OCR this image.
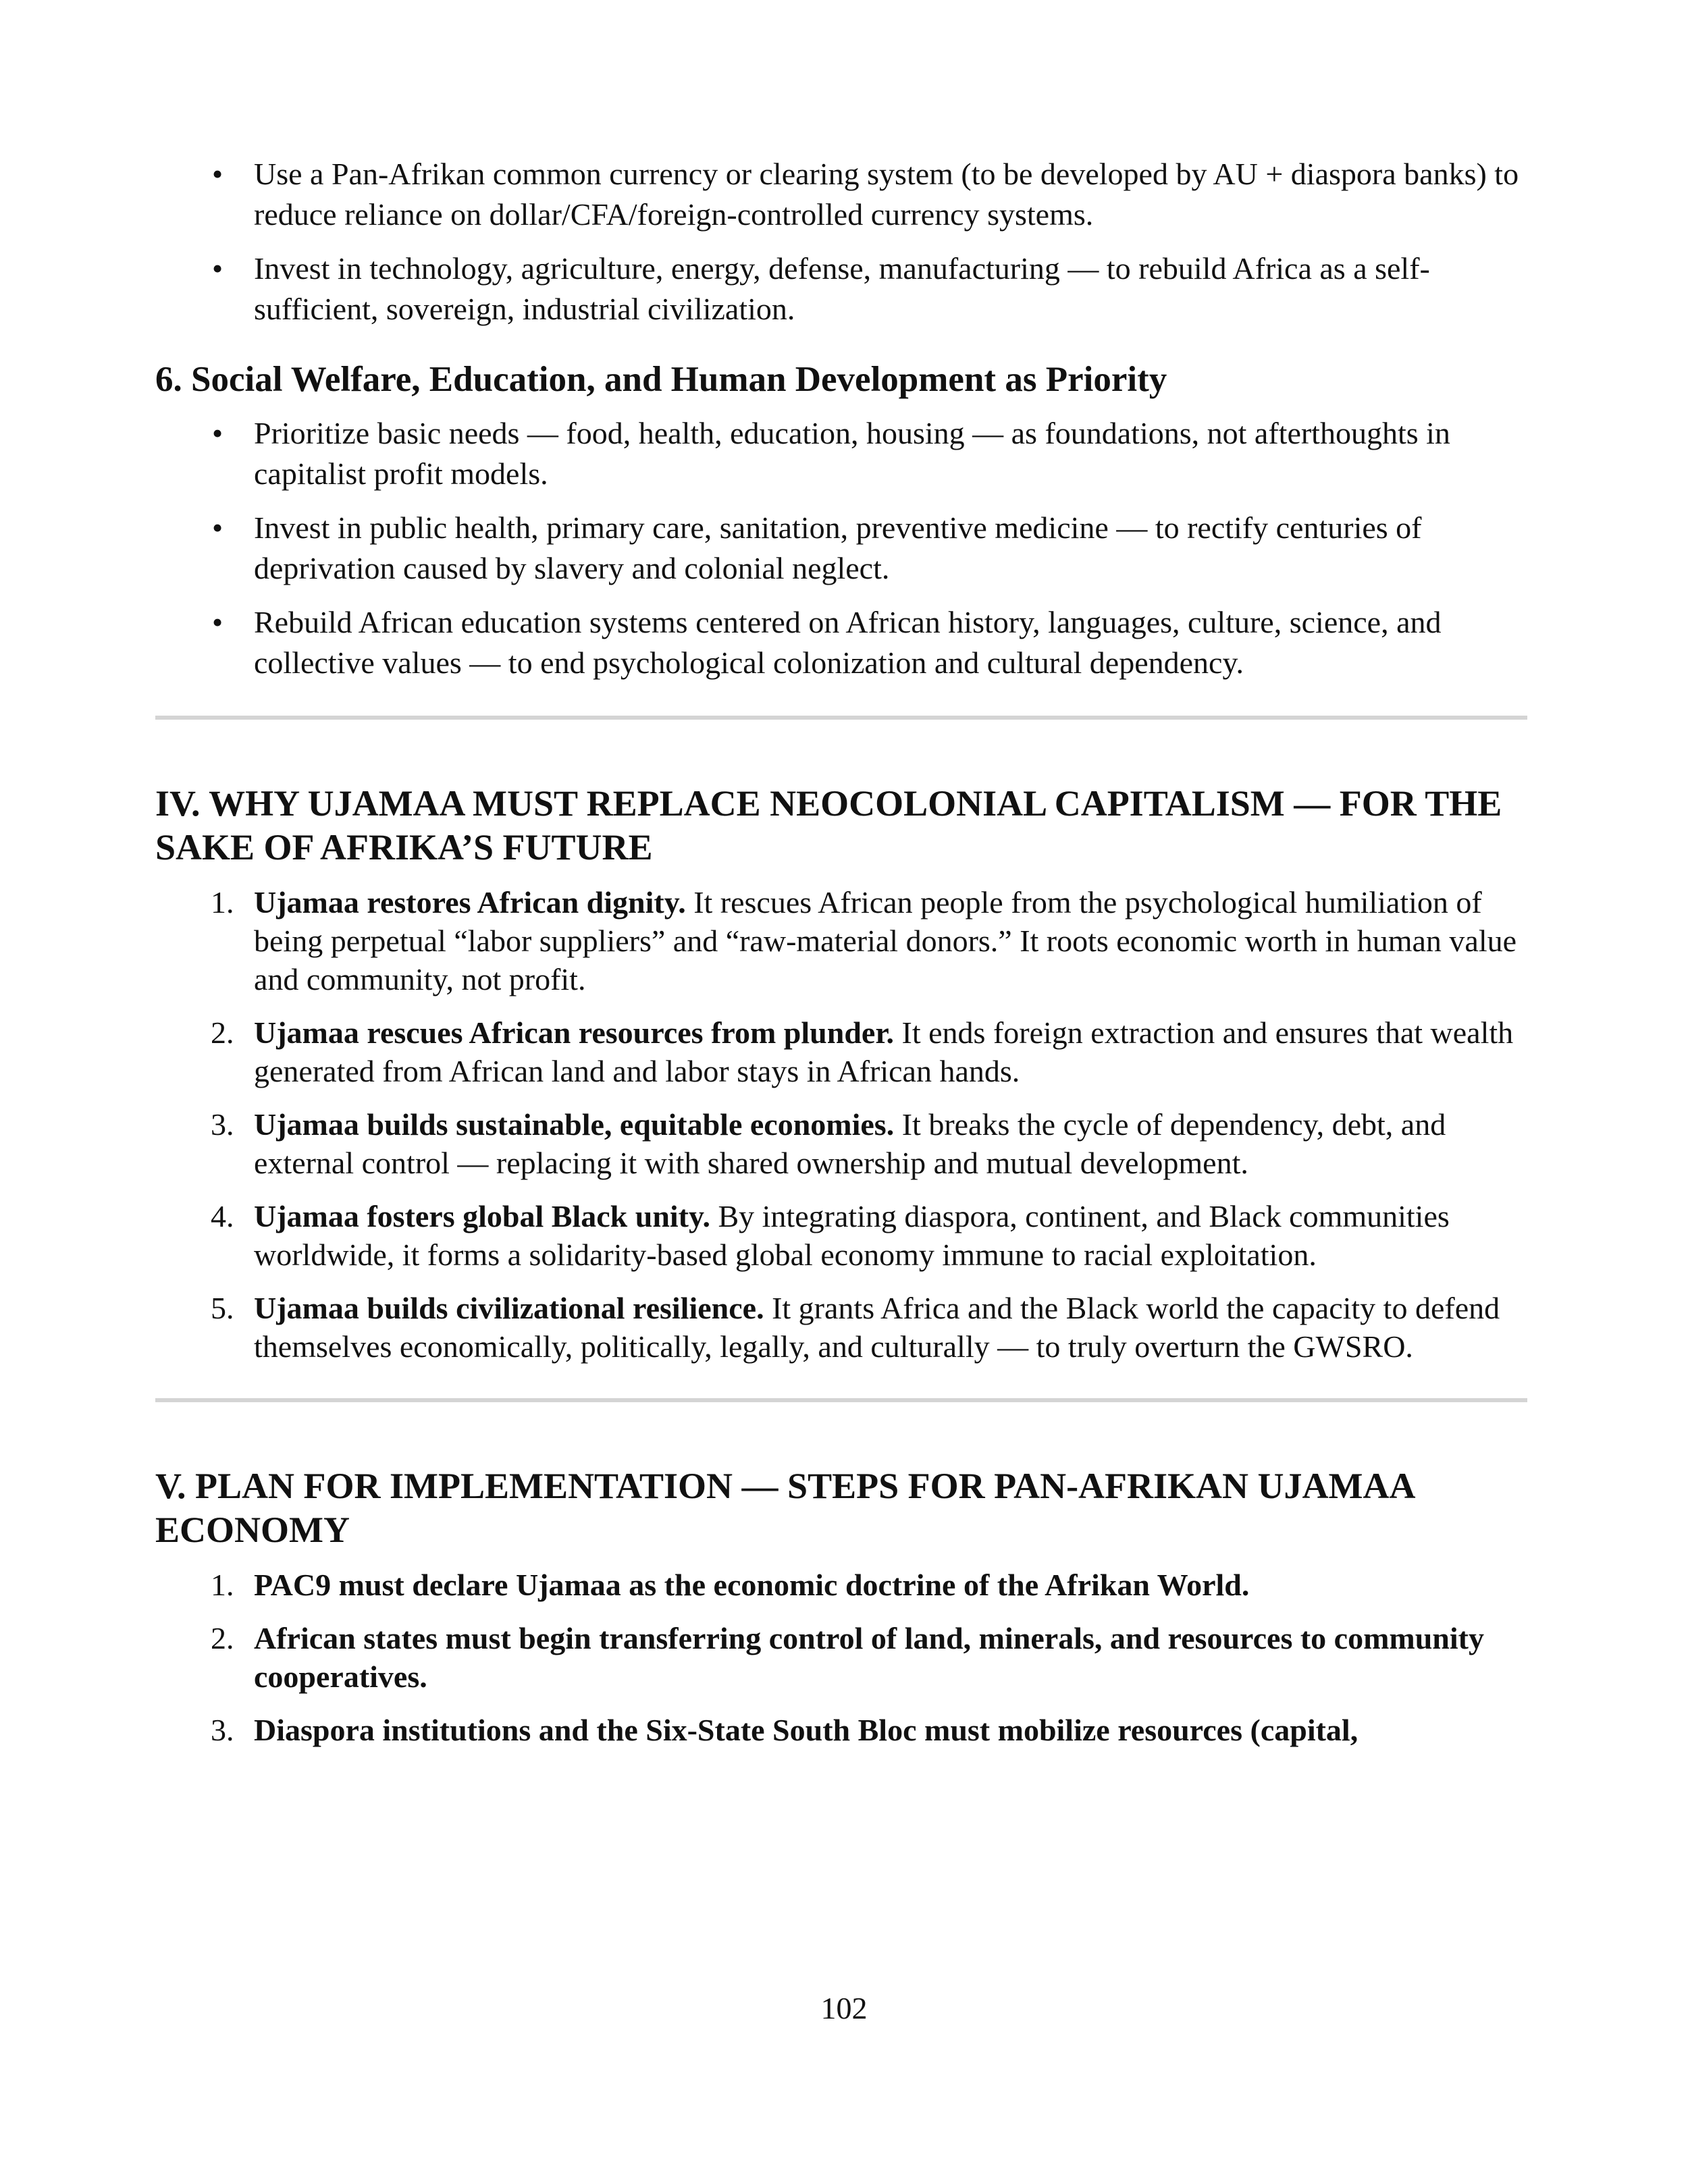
• Use a Pan-Afrikan common currency or clearing system (to be developed by AU + diaspora banks) to reduce reliance on dollar/CFA/foreign-controlled currency systems.
• Invest in technology, agriculture, energy, defense, manufacturing — to rebuild Africa as a self-sufficient, sovereign, industrial civilization.
6. Social Welfare, Education, and Human Development as Priority
• Prioritize basic needs — food, health, education, housing — as foundations, not afterthoughts in capitalist profit models.
• Invest in public health, primary care, sanitation, preventive medicine — to rectify centuries of deprivation caused by slavery and colonial neglect.
• Rebuild African education systems centered on African history, languages, culture, science, and collective values — to end psychological colonization and cultural dependency.
IV. WHY UJAMAA MUST REPLACE NEOCOLONIAL CAPITALISM — FOR THE SAKE OF AFRIKA’S FUTURE
1. Ujamaa restores African dignity. It rescues African people from the psychological humiliation of being perpetual “labor suppliers” and “raw-material donors.” It roots economic worth in human value and community, not profit.
2. Ujamaa rescues African resources from plunder. It ends foreign extraction and ensures that wealth generated from African land and labor stays in African hands.
3. Ujamaa builds sustainable, equitable economies. It breaks the cycle of dependency, debt, and external control — replacing it with shared ownership and mutual development.
4. Ujamaa fosters global Black unity. By integrating diaspora, continent, and Black communities worldwide, it forms a solidarity-based global economy immune to racial exploitation.
5. Ujamaa builds civilizational resilience. It grants Africa and the Black world the capacity to defend themselves economically, politically, legally, and culturally — to truly overturn the GWSRO.
V. PLAN FOR IMPLEMENTATION — STEPS FOR PAN-AFRIKAN UJAMAA ECONOMY
1. PAC9 must declare Ujamaa as the economic doctrine of the Afrikan World.
2. African states must begin transferring control of land, minerals, and resources to community cooperatives.
3. Diaspora institutions and the Six-State South Bloc must mobilize resources (capital,
102
